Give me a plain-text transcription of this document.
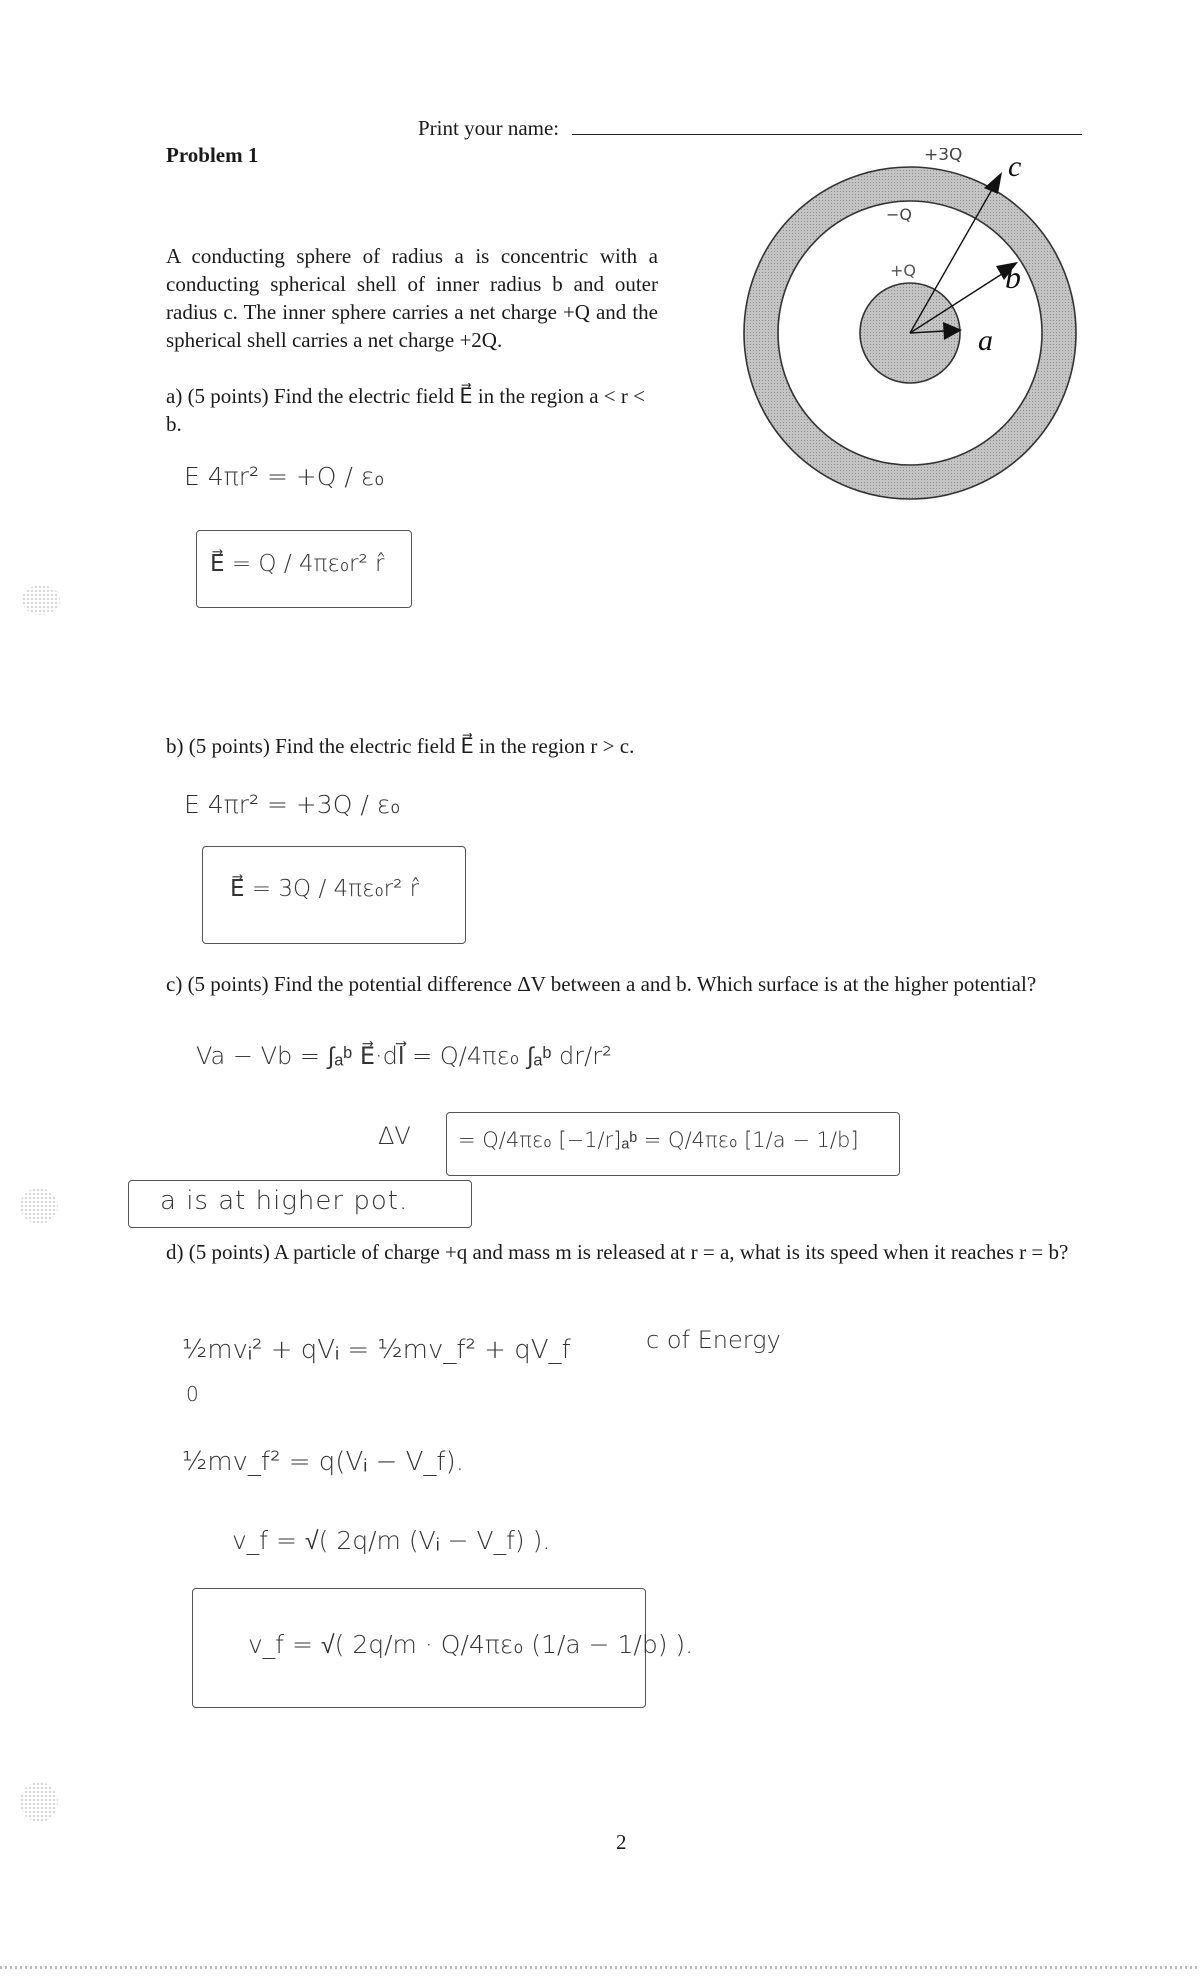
Print your name:
Problem 1
A conducting sphere of radius a is concentric with a conducting spherical shell of inner radius b and outer radius c. The inner sphere carries a net charge +Q and the spherical shell carries a net charge +2Q.
c
b
a
+3Q
−Q
+Q
a) (5 points) Find the electric field E⃗ in the region a < r < b.
E 4πr² = +Q / ε₀
E⃗ = Q / 4πε₀r² r̂
b) (5 points) Find the electric field E⃗ in the region r > c.
E 4πr² = +3Q / ε₀
E⃗ = 3Q / 4πε₀r² r̂
c) (5 points) Find the potential difference ΔV between a and b. Which surface is at the higher potential?
Va − Vb = ∫ₐᵇ E⃗·dl⃗ = Q/4πε₀ ∫ₐᵇ dr/r²
ΔV = Q/4πε₀ [−1/r]ₐᵇ = Q/4πε₀ [1/a − 1/b]
a is at higher pot.
d) (5 points) A particle of charge +q and mass m is released at r = a, what is its speed when it reaches r = b?
½mvᵢ² + qVᵢ = ½mv_f² + qV_f	c of Energy
0
½mv_f² = q(Vᵢ − V_f).
v_f = √( 2q/m (Vᵢ − V_f) ).
v_f = √( 2q/m · Q/4πε₀ (1/a − 1/b) ).
2
